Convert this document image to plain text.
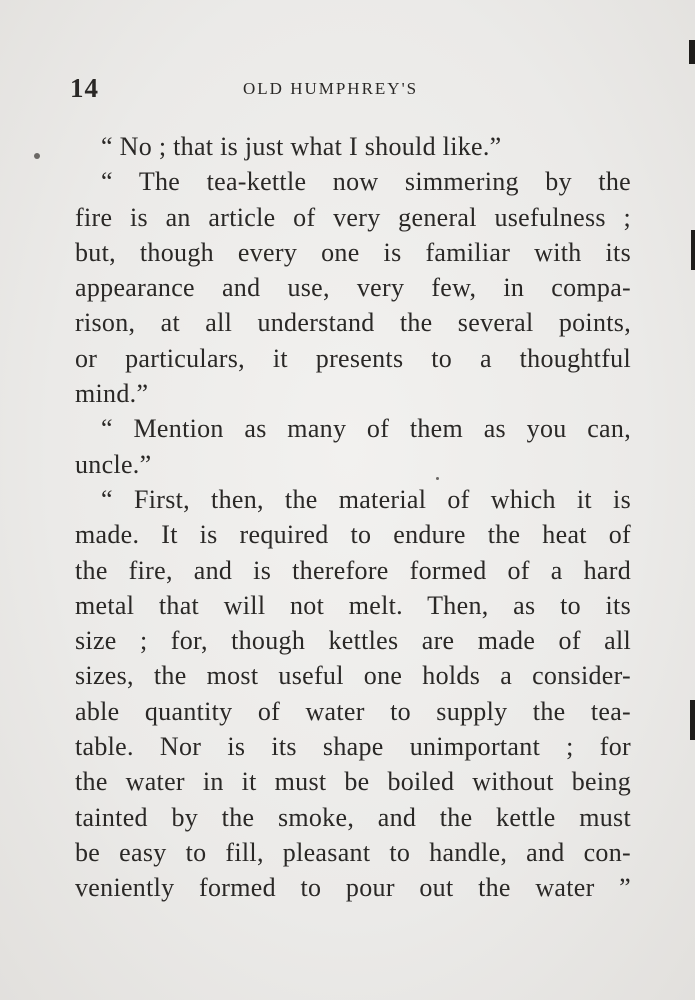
14	OLD HUMPHREY'S
“ No ; that is just what I should like.”
“ The tea-kettle now simmering by the
fire is an article of very general usefulness ;
but, though every one is familiar with its
appearance and use, very few, in compa-
rison, at all understand the several points,
or particulars, it presents to a thoughtful
mind.”
“ Mention as many of them as you can,
uncle.”
“ First, then, the material of which it is
made. It is required to endure the heat of
the fire, and is therefore formed of a hard
metal that will not melt. Then, as to its
size ; for, though kettles are made of all
sizes, the most useful one holds a consider-
able quantity of water to supply the tea-
table. Nor is its shape unimportant ; for
the water in it must be boiled without being
tainted by the smoke, and the kettle must
be easy to fill, pleasant to handle, and con-
veniently formed to pour out the water ”
